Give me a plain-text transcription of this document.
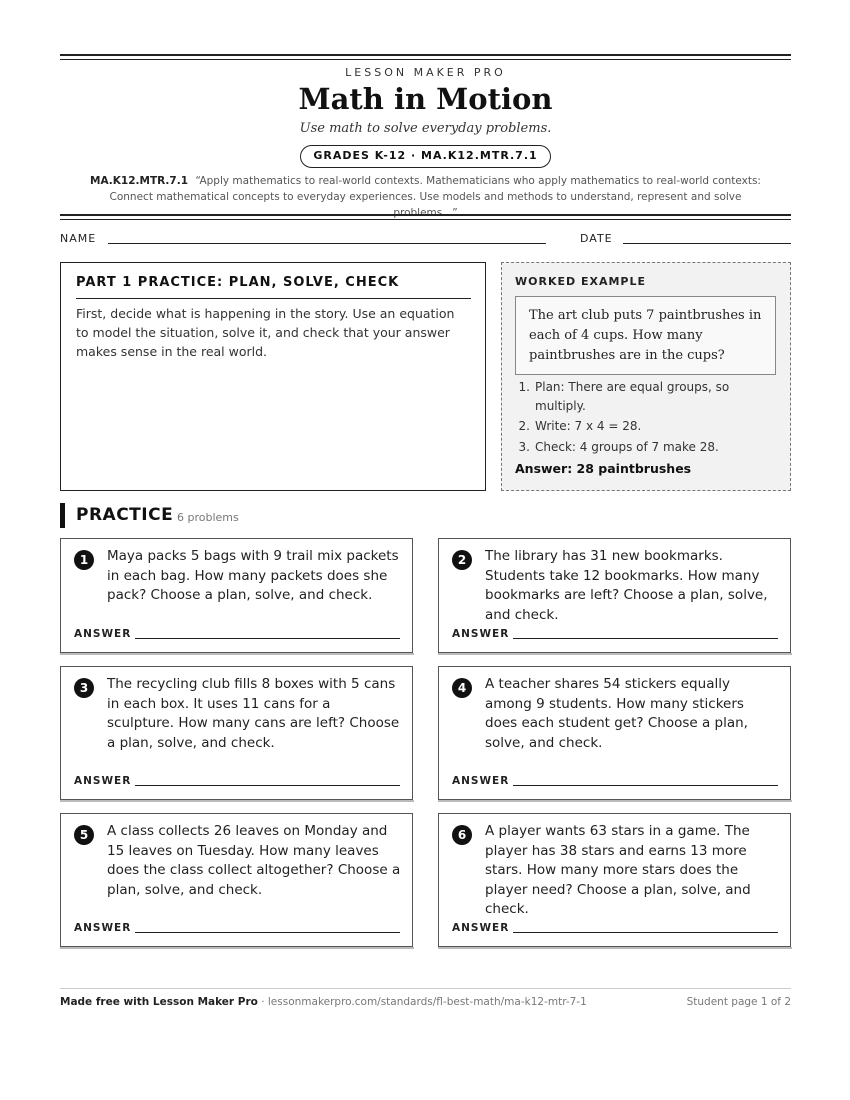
LESSON MAKER PRO
Math in Motion
Use math to solve everyday problems.
GRADES K-12 · MA.K12.MTR.7.1
MA.K12.MTR.7.1 “Apply mathematics to real-world contexts. Mathematicians who apply mathematics to real-world contexts: Connect mathematical concepts to everyday experiences. Use models and methods to understand, represent and solve problems...”
NAME	DATE
PART 1 PRACTICE: PLAN, SOLVE, CHECK
First, decide what is happening in the story. Use an equation to model the situation, solve it, and check that your answer makes sense in the real world.
WORKED EXAMPLE
The art club puts 7 paintbrushes in each of 4 cups. How many paintbrushes are in the cups?
1. Plan: There are equal groups, so multiply.
2. Write: 7 x 4 = 28.
3. Check: 4 groups of 7 make 28.
Answer: 28 paintbrushes
PRACTICE 6 problems
1	Maya packs 5 bags with 9 trail mix packets in each bag. How many packets does she pack? Choose a plan, solve, and check.
ANSWER
2	The library has 31 new bookmarks. Students take 12 bookmarks. How many bookmarks are left? Choose a plan, solve, and check.
ANSWER
3	The recycling club fills 8 boxes with 5 cans in each box. It uses 11 cans for a sculpture. How many cans are left? Choose a plan, solve, and check.
ANSWER
4	A teacher shares 54 stickers equally among 9 students. How many stickers does each student get? Choose a plan, solve, and check.
ANSWER
5	A class collects 26 leaves on Monday and 15 leaves on Tuesday. How many leaves does the class collect altogether? Choose a plan, solve, and check.
ANSWER
6	A player wants 63 stars in a game. The player has 38 stars and earns 13 more stars. How many more stars does the player need? Choose a plan, solve, and check.
ANSWER
Made free with Lesson Maker Pro · lessonmakerpro.com/standards/fl-best-math/ma-k12-mtr-7-1	Student page 1 of 2
